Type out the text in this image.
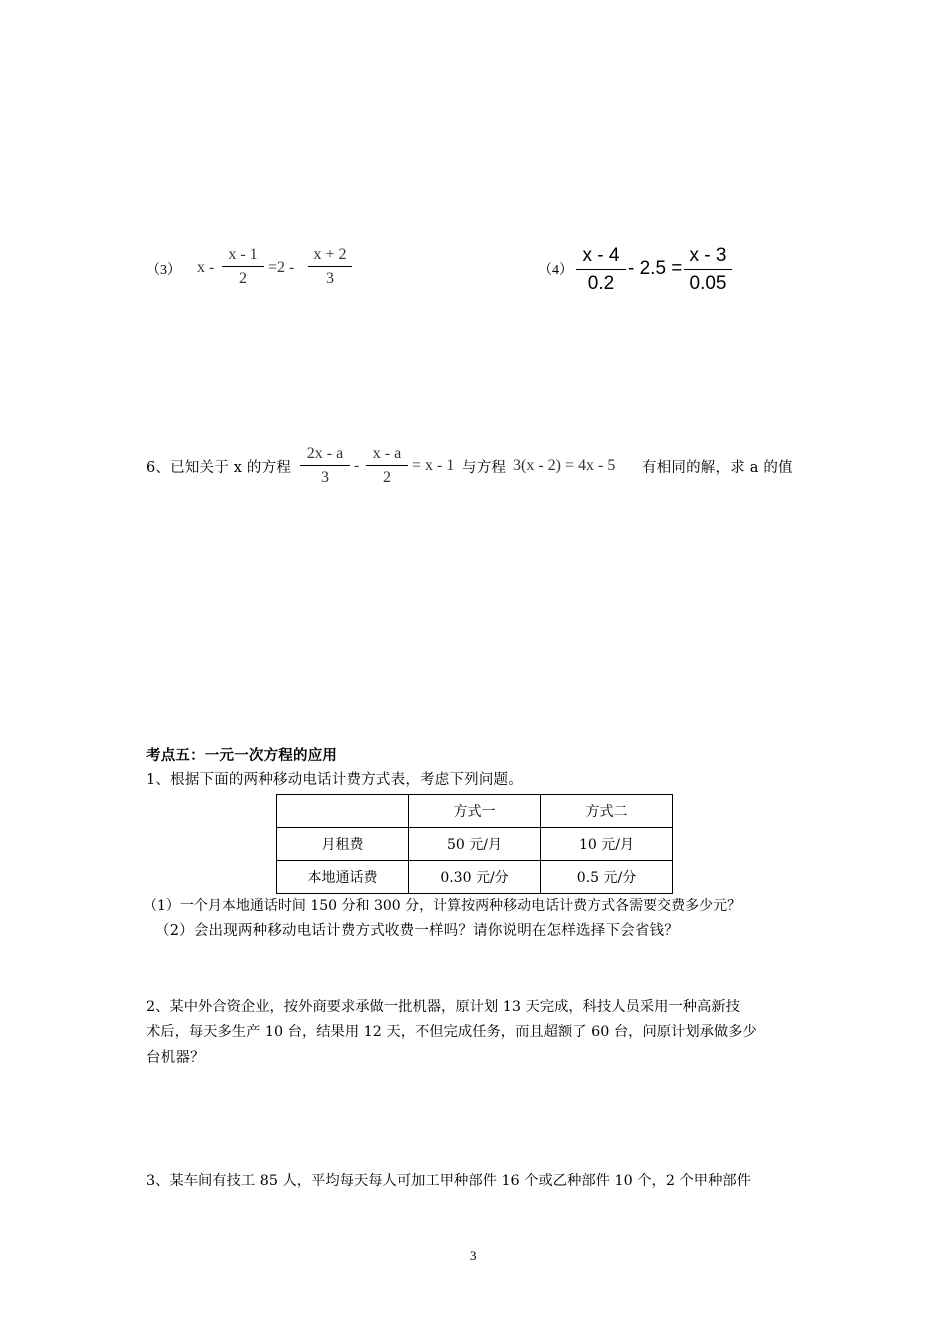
（3） x -
x - 1
2
=2 -
x + 2
3	（4）
x - 4
0.2
- 2.5 =
x - 3
0.05
6、已知关于 x 的方程
2x - a
3
-
x - a
2
= x - 1 与方程 3(x - 2) = 4x - 5 有相同的解，求 a 的值
考点五：一元一次方程的应用
1、根据下面的两种移动电话计费方式表，考虑下列问题。
	方式一	方式二
月租费	50 元/月	10 元/月
本地通话费	0.30 元/分	0.5 元/分
（1）一个月本地通话时间 150 分和 300 分，计算按两种移动电话计费方式各需要交费多少元？
（2）会出现两种移动电话计费方式收费一样吗？请你说明在怎样选择下会省钱？
2、某中外合资企业，按外商要求承做一批机器，原计划 13 天完成，科技人员采用一种高新技
术后，每天多生产 10 台，结果用 12 天，不但完成任务，而且超额了 60 台，问原计划承做多少
台机器？
3、某车间有技工 85 人，平均每天每人可加工甲种部件 16 个或乙种部件 10 个，2 个甲种部件
3
